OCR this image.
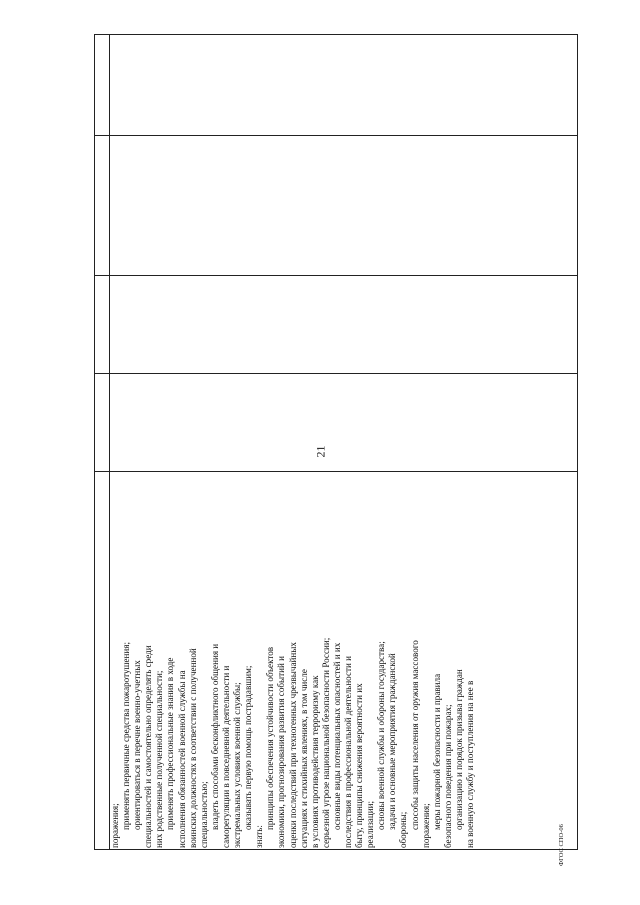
поражения; применять первичные средства пожаротушения; ориентироваться в перечне военно-учетных специальностей и самостоятельно определять среди них родственные полученной специальности; применять профессиональные знания в ходе исполнения обязанностей военной службы на воинских должностях в соответствии с полученной специальностью; владеть способами бесконфликтного общения и саморегуляции в повседневной деятельности и экстремальных условиях военной службы; оказывать первую помощь пострадавшим;
знать:
принципы обеспечения устойчивости объектов экономики, прогнозирования развития событий и оценки последствий при техногенных чрезвычайных ситуациях и стихийных явлениях, в том числе в условиях противодействия терроризму как серьезной угрозе национальной безопасности России; основные виды потенциальных опасностей и их последствия в профессиональной деятельности и быту, принципы снижения вероятности их реализации; основы военной службы и обороны государства; задачи и основные мероприятия гражданской обороны; способы защиты населения от оружия массового поражения; меры пожарной безопасности и правила безопасного поведения при пожарах; организацию и порядок призыва граждан на военную службу и поступления на нее в
21
ФГОС СПО-06
